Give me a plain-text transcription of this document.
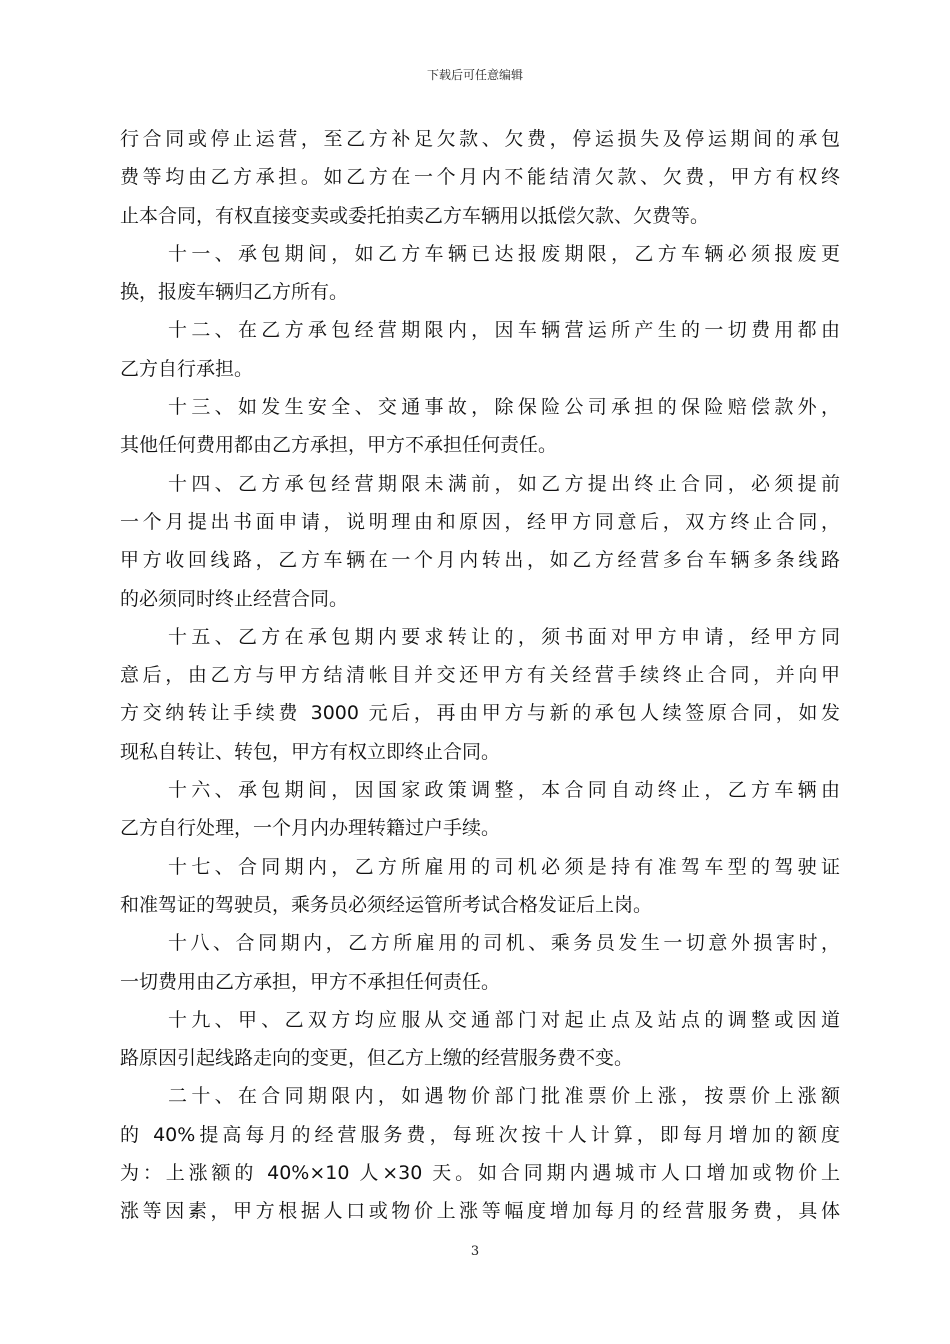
下载后可任意编辑
行合同或停止运营，至乙方补足欠款、欠费，停运损失及停运期间的承包
费等均由乙方承担。如乙方在一个月内不能结清欠款、欠费，甲方有权终
止本合同，有权直接变卖或委托拍卖乙方车辆用以抵偿欠款、欠费等。
十一、承包期间，如乙方车辆已达报废期限，乙方车辆必须报废更
换，报废车辆归乙方所有。
十二、在乙方承包经营期限内，因车辆营运所产生的一切费用都由
乙方自行承担。
十三、如发生安全、交通事故，除保险公司承担的保险赔偿款外，
其他任何费用都由乙方承担，甲方不承担任何责任。
十四、乙方承包经营期限未满前，如乙方提出终止合同，必须提前
一个月提出书面申请，说明理由和原因，经甲方同意后，双方终止合同，
甲方收回线路，乙方车辆在一个月内转出，如乙方经营多台车辆多条线路
的必须同时终止经营合同。
十五、乙方在承包期内要求转让的，须书面对甲方申请，经甲方同
意后，由乙方与甲方结清帐目并交还甲方有关经营手续终止合同，并向甲
方交纳转让手续费 3000 元后，再由甲方与新的承包人续签原合同，如发
现私自转让、转包，甲方有权立即终止合同。
十六、承包期间，因国家政策调整，本合同自动终止，乙方车辆由
乙方自行处理，一个月内办理转籍过户手续。
十七、合同期内，乙方所雇用的司机必须是持有准驾车型的驾驶证
和准驾证的驾驶员，乘务员必须经运管所考试合格发证后上岗。
十八、合同期内，乙方所雇用的司机、乘务员发生一切意外损害时，
一切费用由乙方承担，甲方不承担任何责任。
十九、甲、乙双方均应服从交通部门对起止点及站点的调整或因道
路原因引起线路走向的变更，但乙方上缴的经营服务费不变。
二十、在合同期限内，如遇物价部门批准票价上涨，按票价上涨额
的 40%提高每月的经营服务费，每班次按十人计算，即每月增加的额度
为：上涨额的 40%×10 人×30 天。如合同期内遇城市人口增加或物价上
涨等因素，甲方根据人口或物价上涨等幅度增加每月的经营服务费，具体
3
